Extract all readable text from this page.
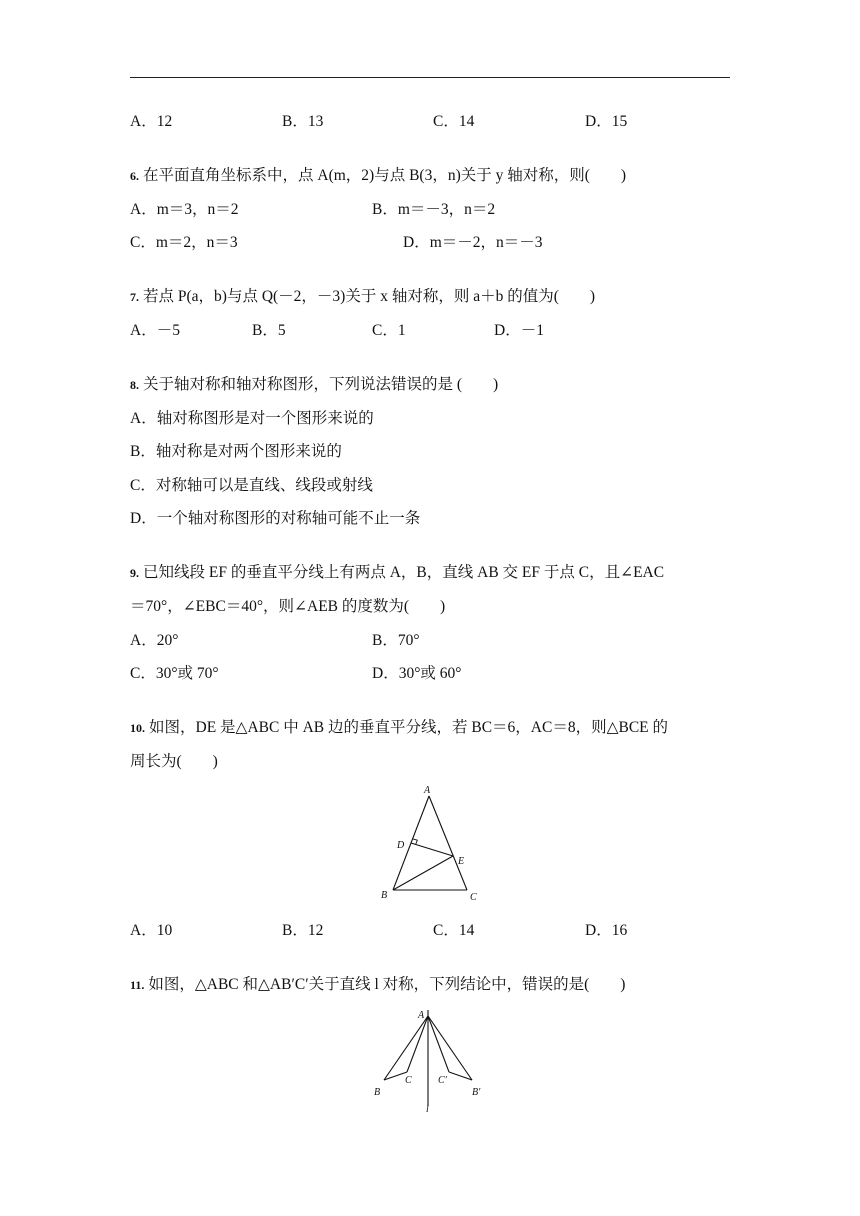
A．12	B．13	C．14	D．15
6. 在平面直角坐标系中，点 A(m，2)与点 B(3，n)关于 y 轴对称，则(　　)
A．m＝3，n＝2	B．m＝－3，n＝2
C．m＝2，n＝3	D．m＝－2，n＝－3
7. 若点 P(a，b)与点 Q(－2，－3)关于 x 轴对称，则 a＋b 的值为(　　)
A．－5	B．5	C．1	D．－1
8. 关于轴对称和轴对称图形，下列说法错误的是 (　　)
A．轴对称图形是对一个图形来说的
B．轴对称是对两个图形来说的
C．对称轴可以是直线、线段或射线
D．一个轴对称图形的对称轴可能不止一条
9. 已知线段 EF 的垂直平分线上有两点 A，B，直线 AB 交 EF 于点 C，且∠EAC
＝70°，∠EBC＝40°，则∠AEB 的度数为(　　)
A．20°	B．70°
C．30°或 70°	D．30°或 60°
10. 如图，DE 是△ABC 中 AB 边的垂直平分线，若 BC＝6，AC＝8，则△BCE 的
周长为(　　)
A
D
E
B	C
A．10	B．12	C．14	D．16
11. 如图，△ABC 和△AB′C′关于直线 l 对称，下列结论中，错误的是(　　)
A
B
C	C′
B′
l
